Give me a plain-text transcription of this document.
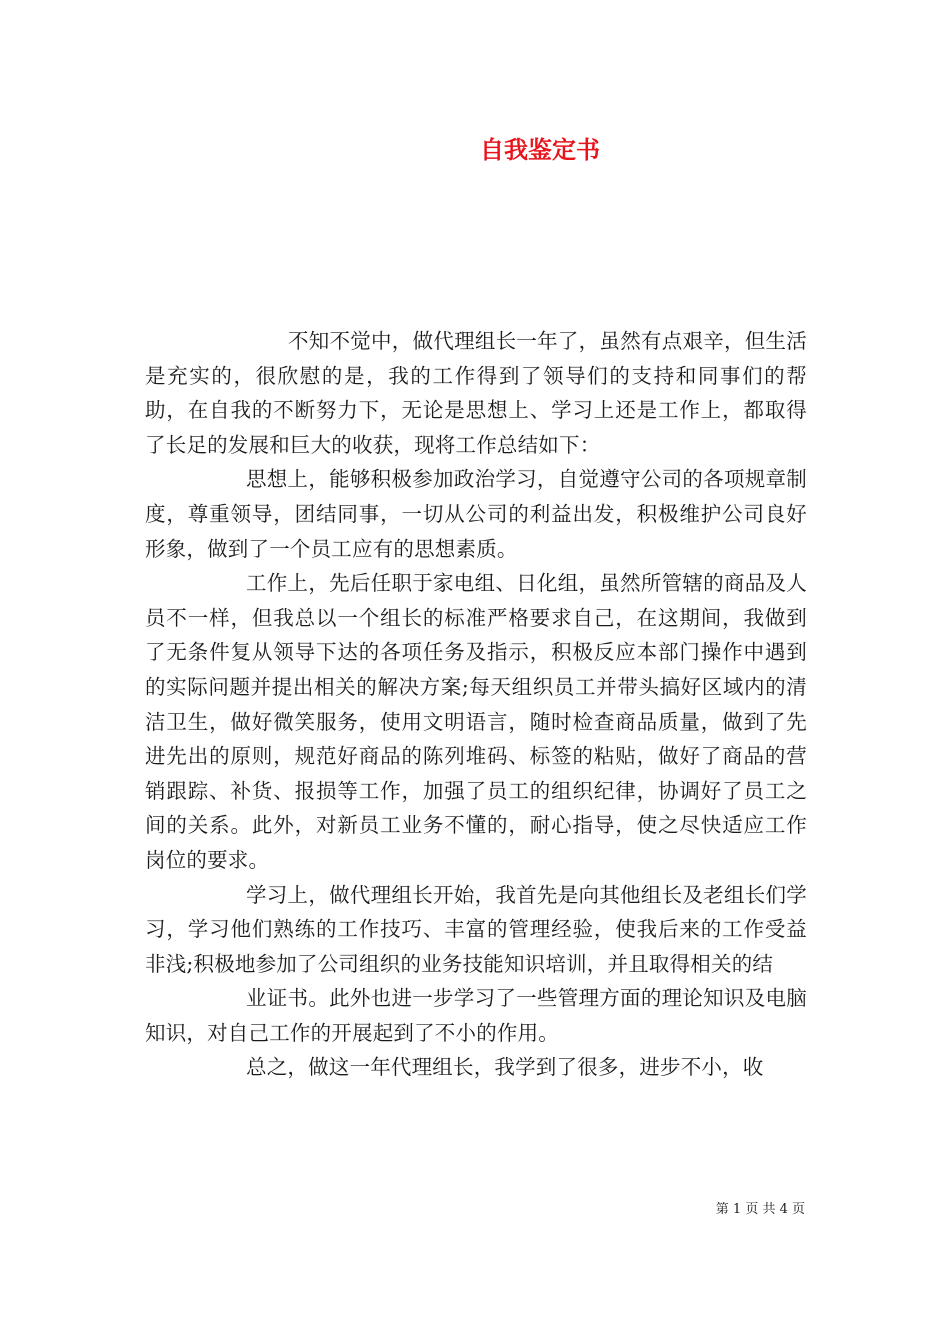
自我鉴定书

不知不觉中，做代理组长一年了，虽然有点艰辛，但生活是充实的，很欣慰的是，我的工作得到了领导们的支持和同事们的帮助，在自我的不断努力下，无论是思想上、学习上还是工作上，都取得了长足的发展和巨大的收获，现将工作总结如下：

思想上，能够积极参加政治学习，自觉遵守公司的各项规章制度，尊重领导，团结同事，一切从公司的利益出发，积极维护公司良好形象，做到了一个员工应有的思想素质。

工作上，先后任职于家电组、日化组，虽然所管辖的商品及人员不一样，但我总以一个组长的标准严格要求自己，在这期间，我做到了无条件复从领导下达的各项任务及指示，积极反应本部门操作中遇到的实际问题并提出相关的解决方案;每天组织员工并带头搞好区域内的清洁卫生，做好微笑服务，使用文明语言，随时检查商品质量，做到了先进先出的原则，规范好商品的陈列堆码、标签的粘贴，做好了商品的营销跟踪、补货、报损等工作，加强了员工的组织纪律，协调好了员工之间的关系。此外，对新员工业务不懂的，耐心指导，使之尽快适应工作岗位的要求。

学习上，做代理组长开始，我首先是向其他组长及老组长们学习，学习他们熟练的工作技巧、丰富的管理经验，使我后来的工作受益非浅;积极地参加了公司组织的业务技能知识培训，并且取得相关的结

业证书。此外也进一步学习了一些管理方面的理论知识及电脑知识，对自己工作的开展起到了不小的作用。

总之，做这一年代理组长，我学到了很多，进步不小，收

第 1 页 共 4 页
